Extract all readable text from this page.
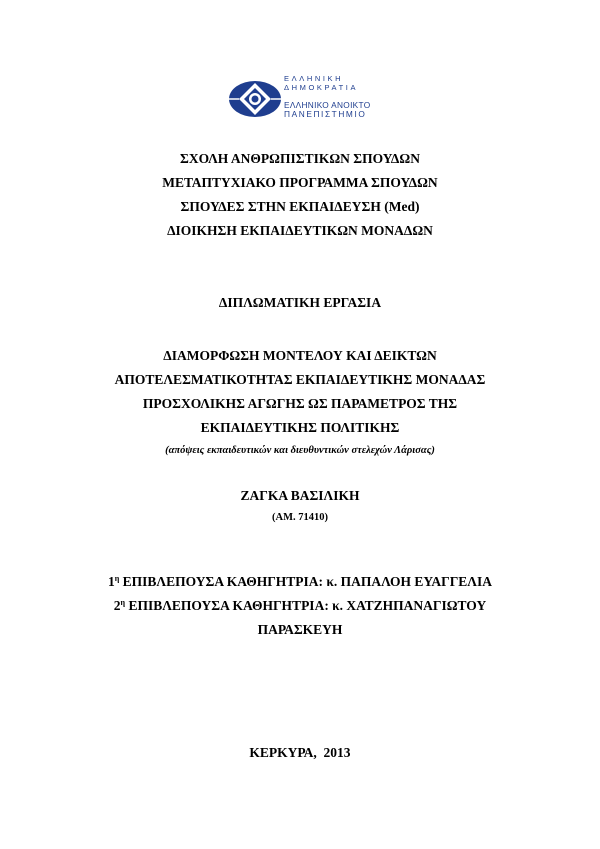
ΕΛΛΗΝΙΚΗ
ΔΗΜΟΚΡΑΤΙΑ
ΕΛΛΗΝΙΚΟ ΑΝΟΙΚΤΟ
ΠΑΝΕΠΙΣΤΗΜΙΟ
ΣΧΟΛΗ ΑΝΘΡΩΠΙΣΤΙΚΩΝ ΣΠΟΥΔΩΝ
ΜΕΤΑΠΤΥΧΙΑΚΟ ΠΡΟΓΡΑΜΜΑ ΣΠΟΥΔΩΝ
ΣΠΟΥΔΕΣ ΣΤΗΝ ΕΚΠΑΙΔΕΥΣΗ (Med)
ΔΙΟΙΚΗΣΗ ΕΚΠΑΙΔΕΥΤΙΚΩΝ ΜΟΝΑΔΩΝ
ΔΙΠΛΩΜΑΤΙΚΗ ΕΡΓΑΣΙΑ
ΔΙΑΜΟΡΦΩΣΗ ΜΟΝΤΕΛΟΥ ΚΑΙ ΔΕΙΚΤΩΝ
ΑΠΟΤΕΛΕΣΜΑΤΙΚΟΤΗΤΑΣ ΕΚΠΑΙΔΕΥΤΙΚΗΣ ΜΟΝΑΔΑΣ
ΠΡΟΣΧΟΛΙΚΗΣ ΑΓΩΓΗΣ ΩΣ ΠΑΡΑΜΕΤΡΟΣ ΤΗΣ
ΕΚΠΑΙΔΕΥΤΙΚΗΣ ΠΟΛΙΤΙΚΗΣ
(απόψεις εκπαιδευτικών και διευθυντικών στελεχών Λάρισας)
ΖΑΓΚΑ ΒΑΣΙΛΙΚΗ
(ΑΜ. 71410)
$1^\eta$ ΕΠΙΒΛΕΠΟΥΣΑ ΚΑΘΗΓΗΤΡΙΑ: κ. ΠΑΠΑΛΟΗ ΕΥΑΓΓΕΛΙΑ
$2^\eta$ ΕΠΙΒΛΕΠΟΥΣΑ ΚΑΘΗΓΗΤΡΙΑ: κ. ΧΑΤΖΗΠΑΝΑΓΙΩΤΟΥ
ΠΑΡΑΣΚΕΥΗ
ΚΕΡΚΥΡΑ,  2013
